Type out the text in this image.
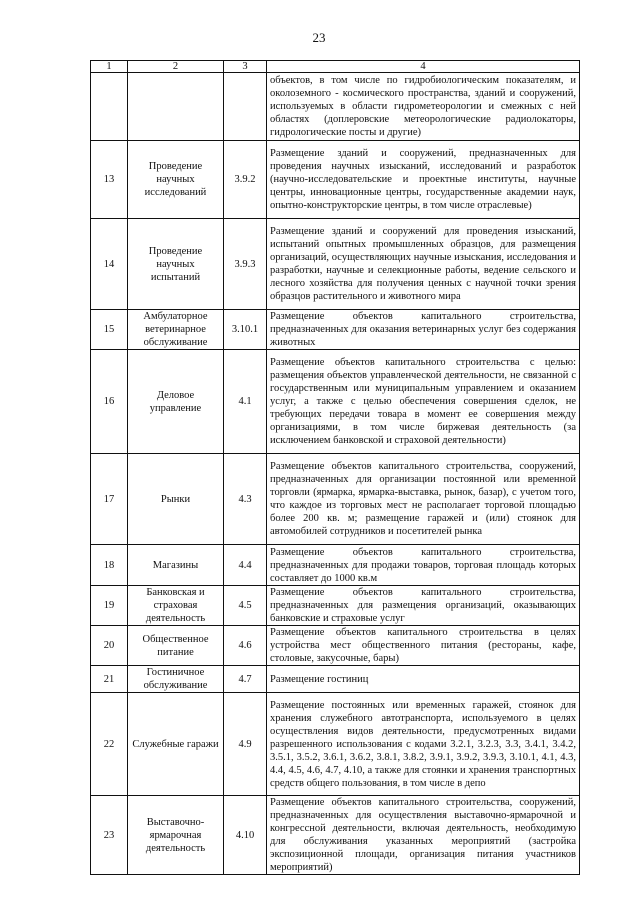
23
1	2	3	4
			объектов, в том числе по гидробиологическим показателям, и околоземного - космического пространства, зданий и сооружений, используемых в области гидрометеорологии и смежных с ней областях (доплеровские метеорологические радиолокаторы, гидрологические посты и другие)
13	Проведение научных исследований	3.9.2	Размещение зданий и сооружений, предназначенных для проведения научных изысканий, исследований и разработок (научно-исследовательские и проектные институты, научные центры, инновационные центры, государственные академии наук, опытно-конструкторские центры, в том числе отраслевые)
14	Проведение научных испытаний	3.9.3	Размещение зданий и сооружений для проведения изысканий, испытаний опытных промышленных образцов, для размещения организаций, осуществляющих научные изыскания, исследования и разработки, научные и селекционные работы, ведение сельского и лесного хозяйства для получения ценных с научной точки зрения образцов растительного и животного мира
15	Амбулаторное ветеринарное обслуживание	3.10.1	Размещение объектов капитального строительства, предназначенных для оказания ветеринарных услуг без содержания животных
16	Деловое управление	4.1	Размещение объектов капитального строительства с целью: размещения объектов управленческой деятельности, не связанной с государственным или муниципальным управлением и оказанием услуг, а также с целью обеспечения совершения сделок, не требующих передачи товара в момент ее совершения между организациями, в том числе биржевая деятельность (за исключением банковской и страховой деятельности)
17	Рынки	4.3	Размещение объектов капитального строительства, сооружений, предназначенных для организации постоянной или временной торговли (ярмарка, ярмарка-выставка, рынок, базар), с учетом того, что каждое из торговых мест не располагает торговой площадью более 200 кв. м; размещение гаражей и (или) стоянок для автомобилей сотрудников и посетителей рынка
18	Магазины	4.4	Размещение объектов капитального строительства, предназначенных для продажи товаров, торговая площадь которых составляет до 1000 кв.м
19	Банковская и страховая деятельность	4.5	Размещение объектов капитального строительства, предназначенных для размещения организаций, оказывающих банковские и страховые услуг
20	Общественное питание	4.6	Размещение объектов капитального строительства в целях устройства мест общественного питания (рестораны, кафе, столовые, закусочные, бары)
21	Гостиничное обслуживание	4.7	Размещение гостиниц
22	Служебные гаражи	4.9	Размещение постоянных или временных гаражей, стоянок для хранения служебного автотранспорта, используемого в целях осуществления видов деятельности, предусмотренных видами разрешенного использования с кодами 3.2.1, 3.2.3, 3.3, 3.4.1, 3.4.2, 3.5.1, 3.5.2, 3.6.1, 3.6.2, 3.8.1, 3.8.2, 3.9.1, 3.9.2, 3.9.3, 3.10.1, 4.1, 4.3, 4.4, 4.5, 4.6, 4.7, 4.10, а также для стоянки и хранения транспортных средств общего пользования, в том числе в депо
23	Выставочно-ярмарочная деятельность	4.10	Размещение объектов капитального строительства, сооружений, предназначенных для осуществления выставочно-ярмарочной и конгрессной деятельности, включая деятельность, необходимую для обслуживания указанных мероприятий (застройка экспозиционной площади, организация питания участников мероприятий)
